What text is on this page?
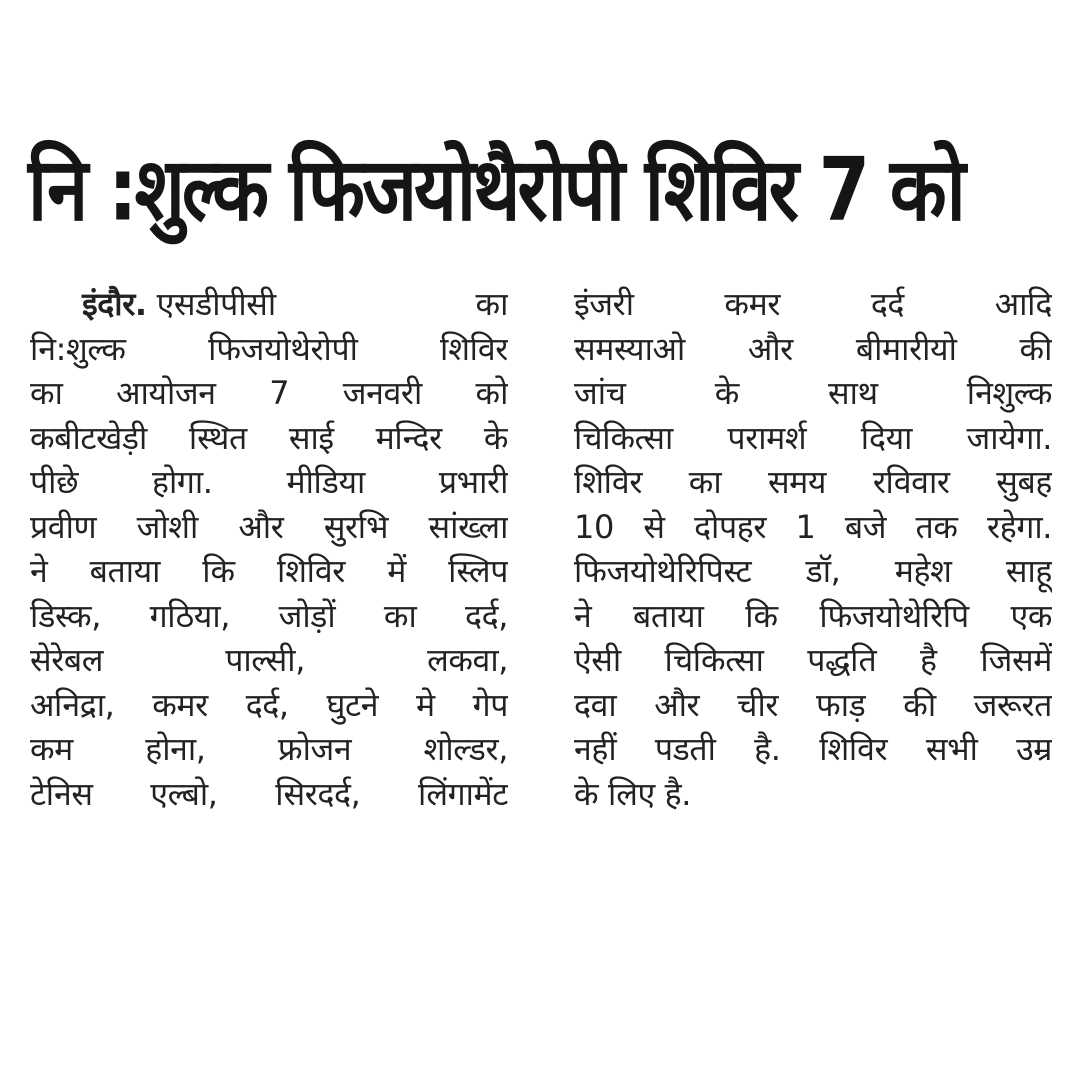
नि :शुल्क फिजयोथैरोपी शिविर 7 को
इंदौर. एसडीपीसी का
नि:शुल्क फिजयोथेरोपी शिविर
का आयोजन 7 जनवरी को
कबीटखेड़ी स्थित साई मन्दिर के
पीछे होगा. मीडिया प्रभारी
प्रवीण जोशी और सुरभि सांख्ला
ने बताया कि शिविर में स्लिप
डिस्क, गठिया, जोड़ों का दर्द,
सेरेबल पाल्सी, लकवा,
अनिद्रा, कमर दर्द, घुटने मे गेप
कम होना, फ्रोजन शोल्डर,
टेनिस एल्बो, सिरदर्द, लिंगामेंट
इंजरी कमर दर्द आदि
समस्याओ और बीमारीयो की
जांच के साथ निशुल्क
चिकित्सा परामर्श दिया जायेगा.
शिविर का समय रविवार सुबह
10 से दोपहर 1 बजे तक रहेगा.
फिजयोथेरिपिस्ट डॉ, महेश साहू
ने बताया कि फिजयोथेरिपि एक
ऐसी चिकित्सा पद्धति है जिसमें
दवा और चीर फाड़ की जरूरत
नहीं पडती है. शिविर सभी उम्र
के लिए है.
